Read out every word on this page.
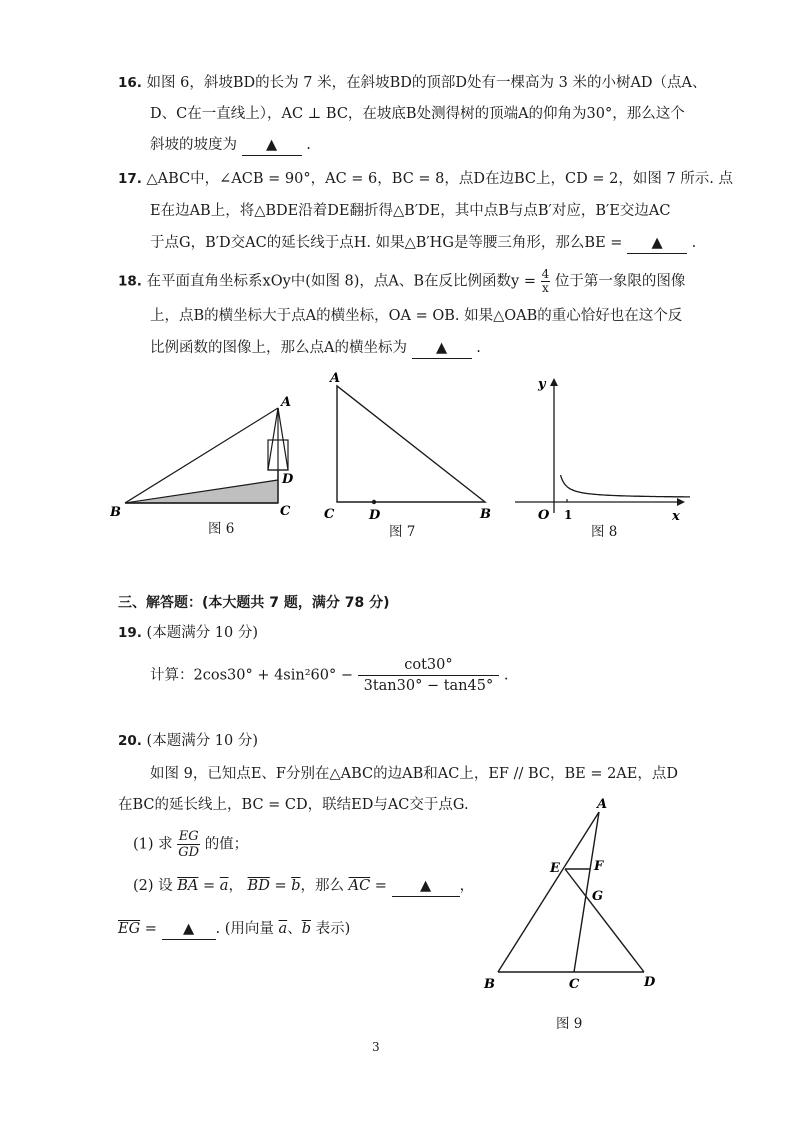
16. 如图 6，斜坡BD的长为 7 米，在斜坡BD的顶部D处有一棵高为 3 米的小树AD（点A、
D、C在一直线上），AC ⊥ BC，在坡底B处测得树的顶端A的仰角为30°，那么这个
斜坡的坡度为 ▲ .
17. △ABC中，∠ACB = 90°，AC = 6，BC = 8，点D在边BC上，CD = 2，如图 7 所示. 点
E在边AB上，将△BDE沿着DE翻折得△B′DE，其中点B与点B′对应，B′E交边AC
于点G，B′D交AC的延长线于点H. 如果△B′HG是等腰三角形，那么BE = ▲ .
18. 在平面直角坐标系xOy中(如图 8)，点A、B在反比例函数$y = \frac{4}{x}$ 位于第一象限的图像
上，点B的横坐标大于点A的横坐标，OA = OB. 如果△OAB的重心恰好也在这个反
比例函数的图像上，那么点A的横坐标为 ▲ .
A
B	C
D
图 6
A
C	D	B
图 7
y
x
O 1
图 8
三、解答题：(本大题共 7 题，满分 78 分)
19. (本题满分 10 分)
计算：$2\cos 30^\circ + 4\sin^260^\circ - \frac{\cot 30^\circ}{3\tan 30^\circ - \tan 45^\circ}$ .
20. (本题满分 10 分)
如图 9，已知点E、F分别在△ABC的边AB和AC上，EF // BC，BE = 2AE，点D
在BC的延长线上，BC = CD，联结ED与AC交于点G.
(1) 求 $\frac{EG}{GD}$ 的值；
(2) 设 $\overline{BA} = \overline{a}$， $\overline{BD} = \overline{b}$，那么 $\overline{AC}$ = ▲ ，
$\overline{EG}$ = ▲ . (用向量 $\overline{a}$、$\overline{b}$ 表示)
A
E	F
G
B	C	D
图 9
3
